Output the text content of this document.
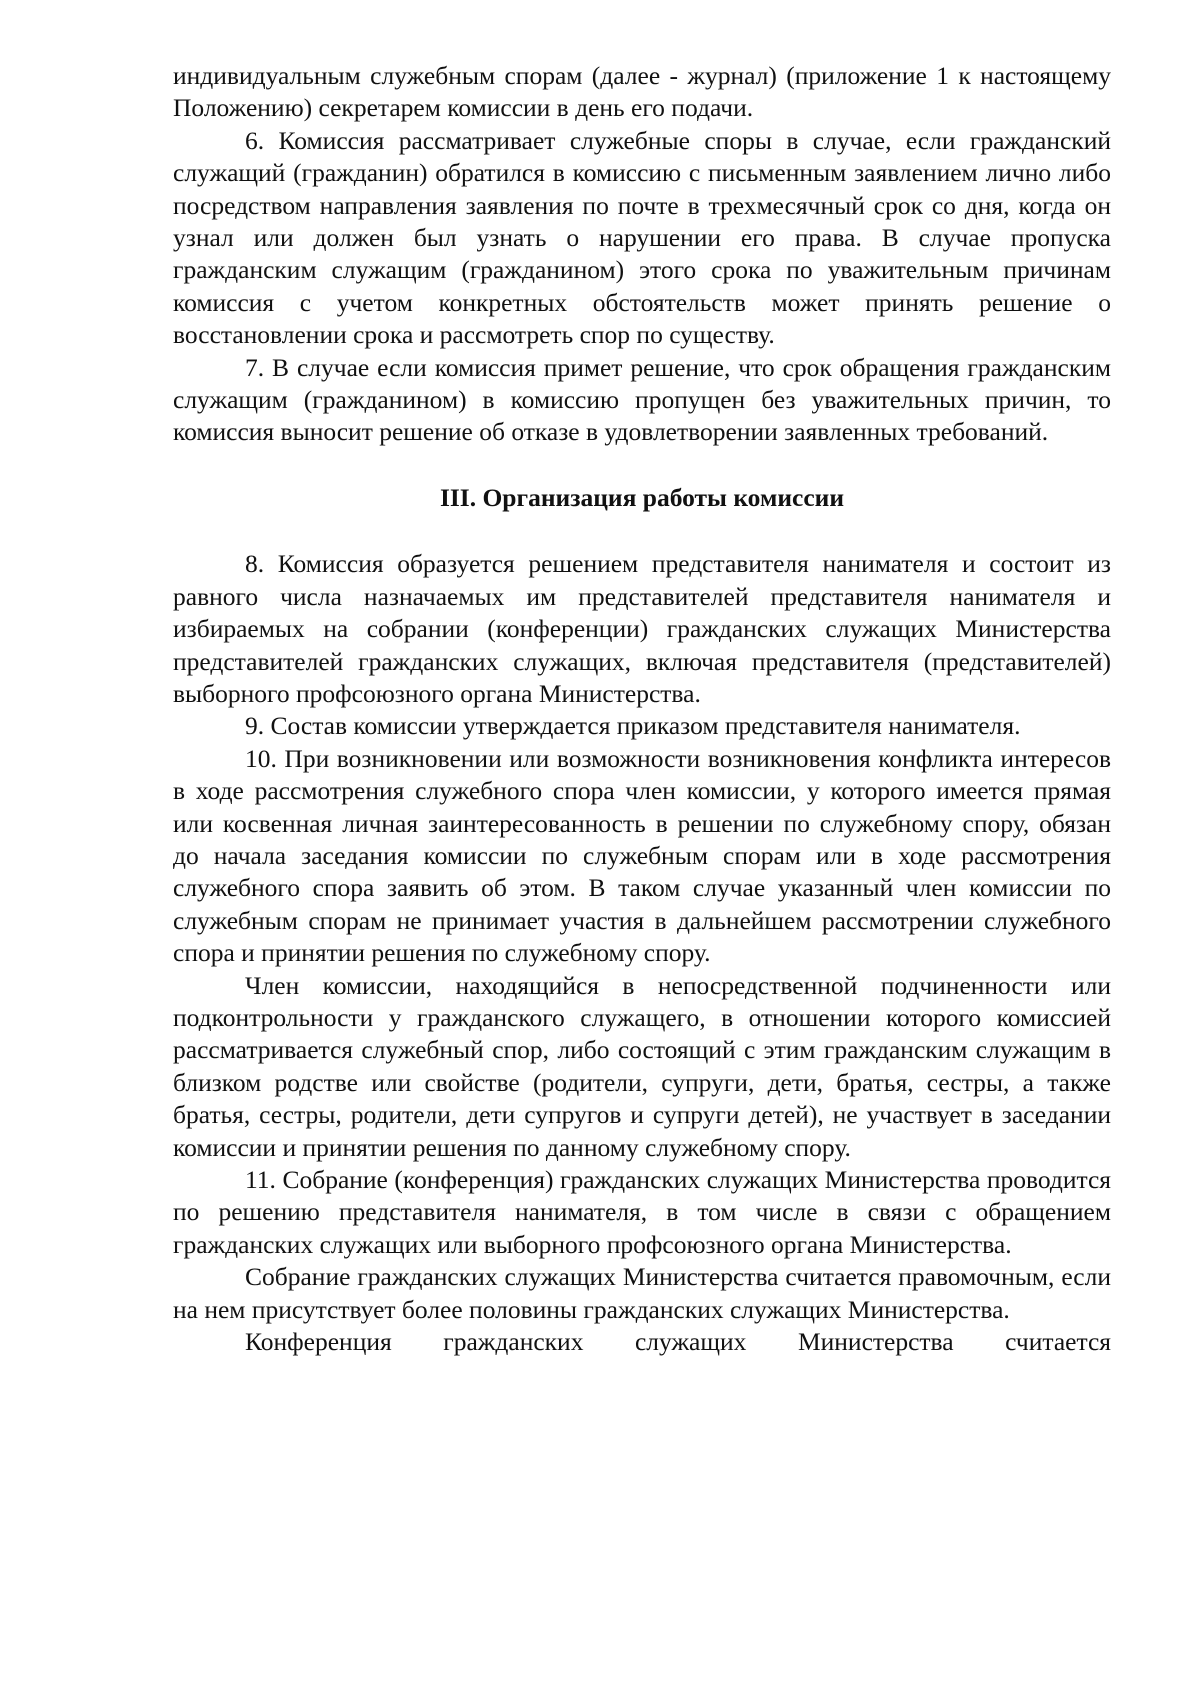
индивидуальным служебным спорам (далее - журнал) (приложение 1 к настоящему Положению) секретарем комиссии в день его подачи.

6. Комиссия рассматривает служебные споры в случае, если гражданский служащий (гражданин) обратился в комиссию с письменным заявлением лично либо посредством направления заявления по почте в трехмесячный срок со дня, когда он узнал или должен был узнать о нарушении его права. В случае пропуска гражданским служащим (гражданином) этого срока по уважительным причинам комиссия с учетом конкретных обстоятельств может принять решение о восстановлении срока и рассмотреть спор по существу.

7. В случае если комиссия примет решение, что срок обращения гражданским служащим (гражданином) в комиссию пропущен без уважительных причин, то комиссия выносит решение об отказе в удовлетворении заявленных требований.

III. Организация работы комиссии

8. Комиссия образуется решением представителя нанимателя и состоит из равного числа назначаемых им представителей представителя нанимателя и избираемых на собрании (конференции) гражданских служащих Министерства представителей гражданских служащих, включая представителя (представителей) выборного профсоюзного органа Министерства.

9. Состав комиссии утверждается приказом представителя нанимателя.

10. При возникновении или возможности возникновения конфликта интересов в ходе рассмотрения служебного спора член комиссии, у которого имеется прямая или косвенная личная заинтересованность в решении по служебному спору, обязан до начала заседания комиссии по служебным спорам или в ходе рассмотрения служебного спора заявить об этом. В таком случае указанный член комиссии по служебным спорам не принимает участия в дальнейшем рассмотрении служебного спора и принятии решения по служебному спору.

Член комиссии, находящийся в непосредственной подчиненности или подконтрольности у гражданского служащего, в отношении которого комиссией рассматривается служебный спор, либо состоящий с этим гражданским служащим в близком родстве или свойстве (родители, супруги, дети, братья, сестры, а также братья, сестры, родители, дети супругов и супруги детей), не участвует в заседании комиссии и принятии решения по данному служебному спору.

11. Собрание (конференция) гражданских служащих Министерства проводится по решению представителя нанимателя, в том числе в связи с обращением гражданских служащих или выборного профсоюзного органа Министерства.

Собрание гражданских служащих Министерства считается правомочным, если на нем присутствует более половины гражданских служащих Министерства.

Конференция гражданских служащих Министерства считается
